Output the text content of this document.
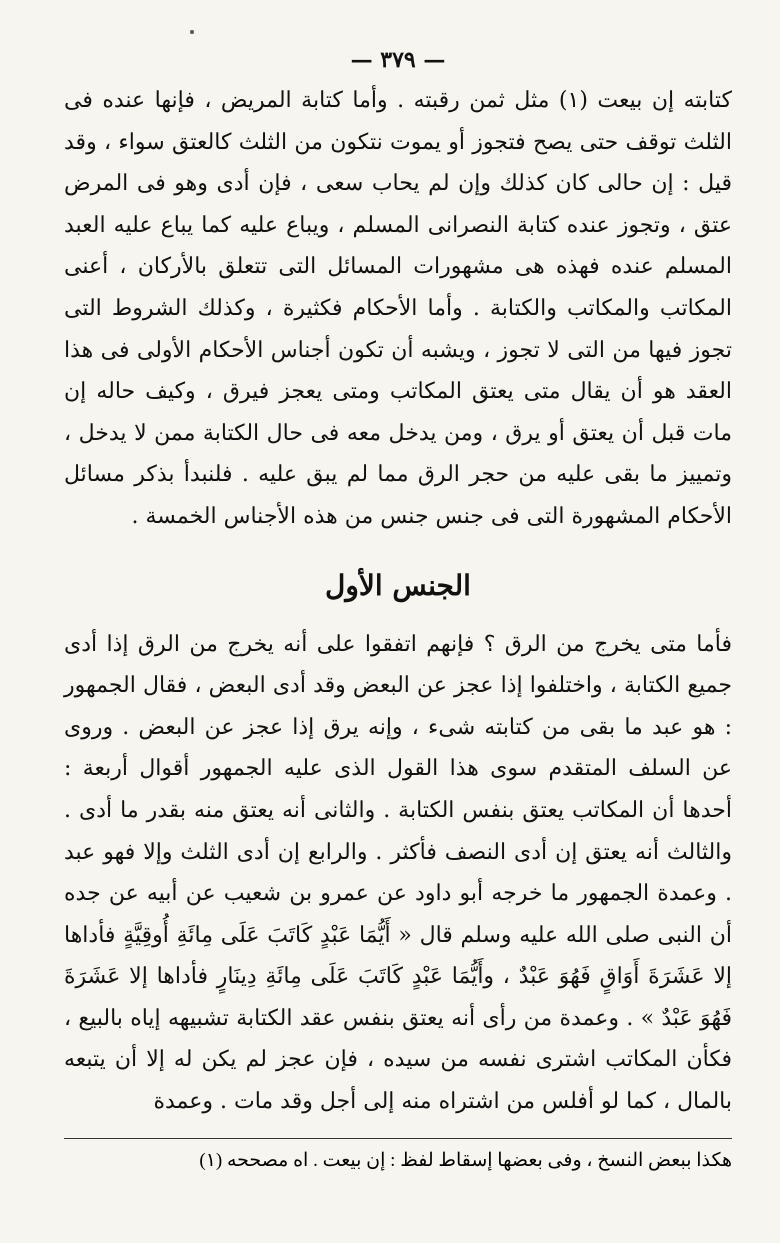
— ٣٧٩ —

كتابته إن بيعت (١) مثل ثمن رقبته . وأما كتابة المريض ، فإنها عنده فى الثلث توقف حتى يصح فتجوز أو يموت نتكون من الثلث كالعتق سواء ، وقد قيل : إن حالى كان كذلك وإن لم يحاب سعى ، فإن أدى وهو فى المرض عتق ، وتجوز عنده كتابة النصرانى المسلم ، ويباع عليه كما يباع عليه العبد المسلم عنده فهذه هى مشهورات المسائل التى تتعلق بالأركان ، أعنى المكاتب والمكاتب والكتابة . وأما الأحكام فكثيرة ، وكذلك الشروط التى تجوز فيها من التى لا تجوز ، ويشبه أن تكون أجناس الأحكام الأولى فى هذا العقد هو أن يقال متى يعتق المكاتب ومتى يعجز فيرق ، وكيف حاله إن مات قبل أن يعتق أو يرق ، ومن يدخل معه فى حال الكتابة ممن لا يدخل ، وتمييز ما بقى عليه من حجر الرق مما لم يبق عليه . فلنبدأ بذكر مسائل الأحكام المشهورة التى فى جنس جنس من هذه الأجناس الخمسة .

الجنس الأول

فأما متى يخرج من الرق ؟ فإنهم اتفقوا على أنه يخرج من الرق إذا أدى جميع الكتابة ، واختلفوا إذا عجز عن البعض وقد أدى البعض ، فقال الجمهور : هو عبد ما بقى من كتابته شىء ، وإنه يرق إذا عجز عن البعض . وروى عن السلف المتقدم سوى هذا القول الذى عليه الجمهور أقوال أربعة : أحدها أن المكاتب يعتق بنفس الكتابة . والثانى أنه يعتق منه بقدر ما أدى . والثالث أنه يعتق إن أدى النصف فأكثر . والرابع إن أدى الثلث وإلا فهو عبد . وعمدة الجمهور ما خرجه أبو داود عن عمرو بن شعيب عن أبيه عن جده أن النبى صلى الله عليه وسلم قال « أَيُّمَا عَبْدٍ كَاتَبَ عَلَى مِائَةِ أُوقِيَّةٍ فأداها إلا عَشَرَةَ أَوَاقٍ فَهُوَ عَبْدٌ ، وأَيُّمَا عَبْدٍ كَاتَبَ عَلَى مِائَةِ دِينَارٍ فأداها إلا عَشَرَةَ فَهُوَ عَبْدٌ » . وعمدة من رأى أنه يعتق بنفس عقد الكتابة تشبيهه إياه بالبيع ، فكأن المكاتب اشترى نفسه من سيده ، فإن عجز لم يكن له إلا أن يتبعه بالمال ، كما لو أفلس من اشتراه منه إلى أجل وقد مات . وعمدة

(١) هكذا ببعض النسخ ، وفى بعضها إسقاط لفظ : إن بيعت . اه مصححه
